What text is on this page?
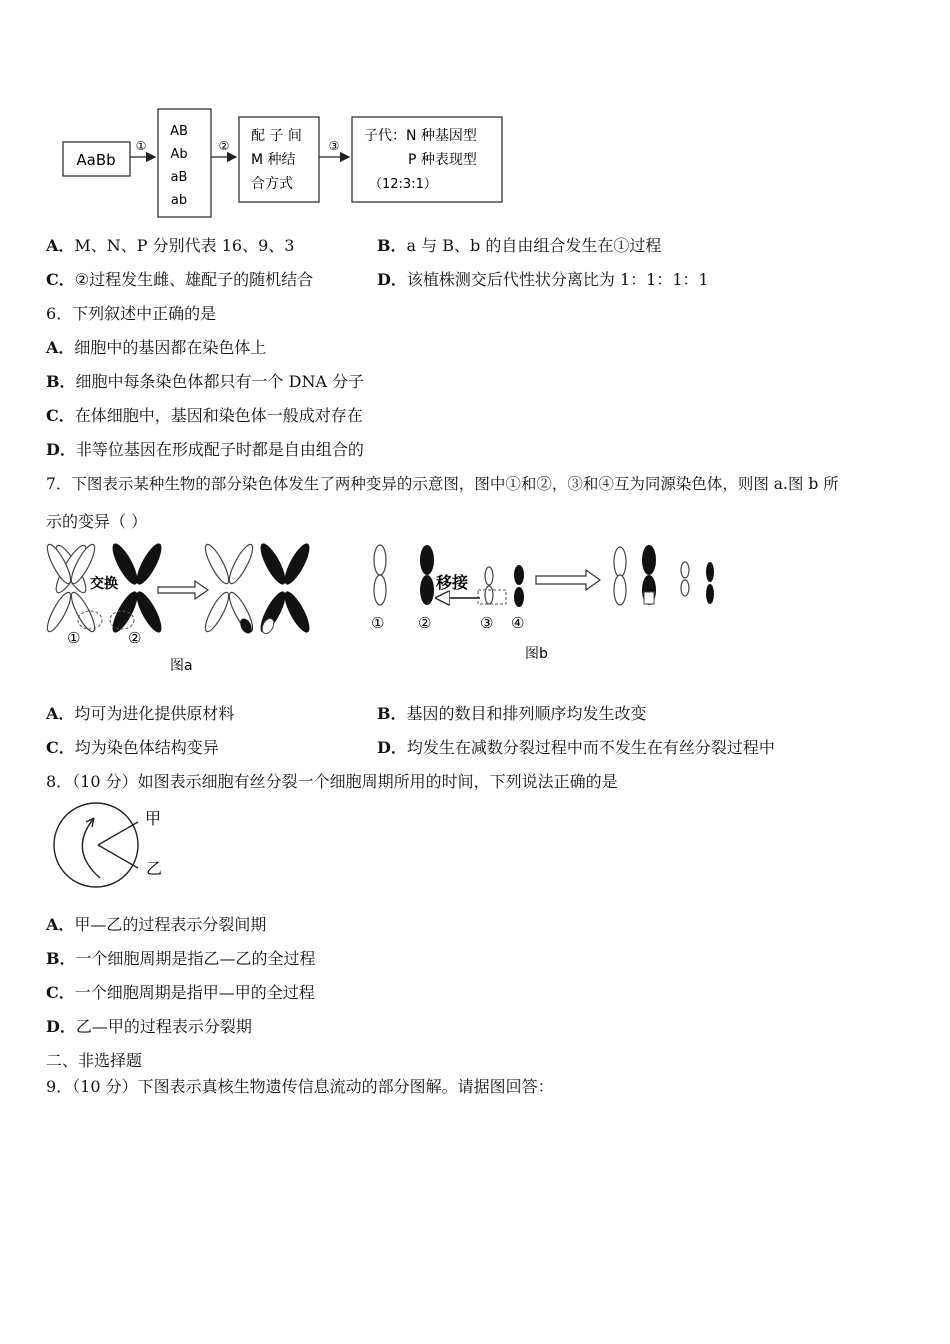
AaBb
①
AB
Ab
aB
ab
②
配 子 间
M 种结
合方式
③
子代：N 种基因型
P 种表现型
（12:3:1）
A．M、N、P 分别代表 16、9、3	B．a 与 B、b 的自由组合发生在①过程
C．②过程发生雌、雄配子的随机结合	D．该植株测交后代性状分离比为 1：1：1：1
6．下列叙述中正确的是
A．细胞中的基因都在染色体上
B．细胞中每条染色体都只有一个 DNA 分子
C．在体细胞中，基因和染色体一般成对存在
D．非等位基因在形成配子时都是自由组合的
7．下图表示某种生物的部分染色体发生了两种变异的示意图，图中①和②，③和④互为同源染色体，则图 a.图 b 所
示的变异（ ）
交换
①	②
图a
移接
① ②	③ ④
图b
A．均可为进化提供原材料	B．基因的数目和排列顺序均发生改变
C．均为染色体结构变异	D．均发生在减数分裂过程中而不发生在有丝分裂过程中
8．（10 分）如图表示细胞有丝分裂一个细胞周期所用的时间，下列说法正确的是
甲
乙
A．甲—乙的过程表示分裂间期
B．一个细胞周期是指乙—乙的全过程
C．一个细胞周期是指甲—甲的全过程
D．乙—甲的过程表示分裂期
二、非选择题
9．（10 分）下图表示真核生物遗传信息流动的部分图解。请据图回答：
